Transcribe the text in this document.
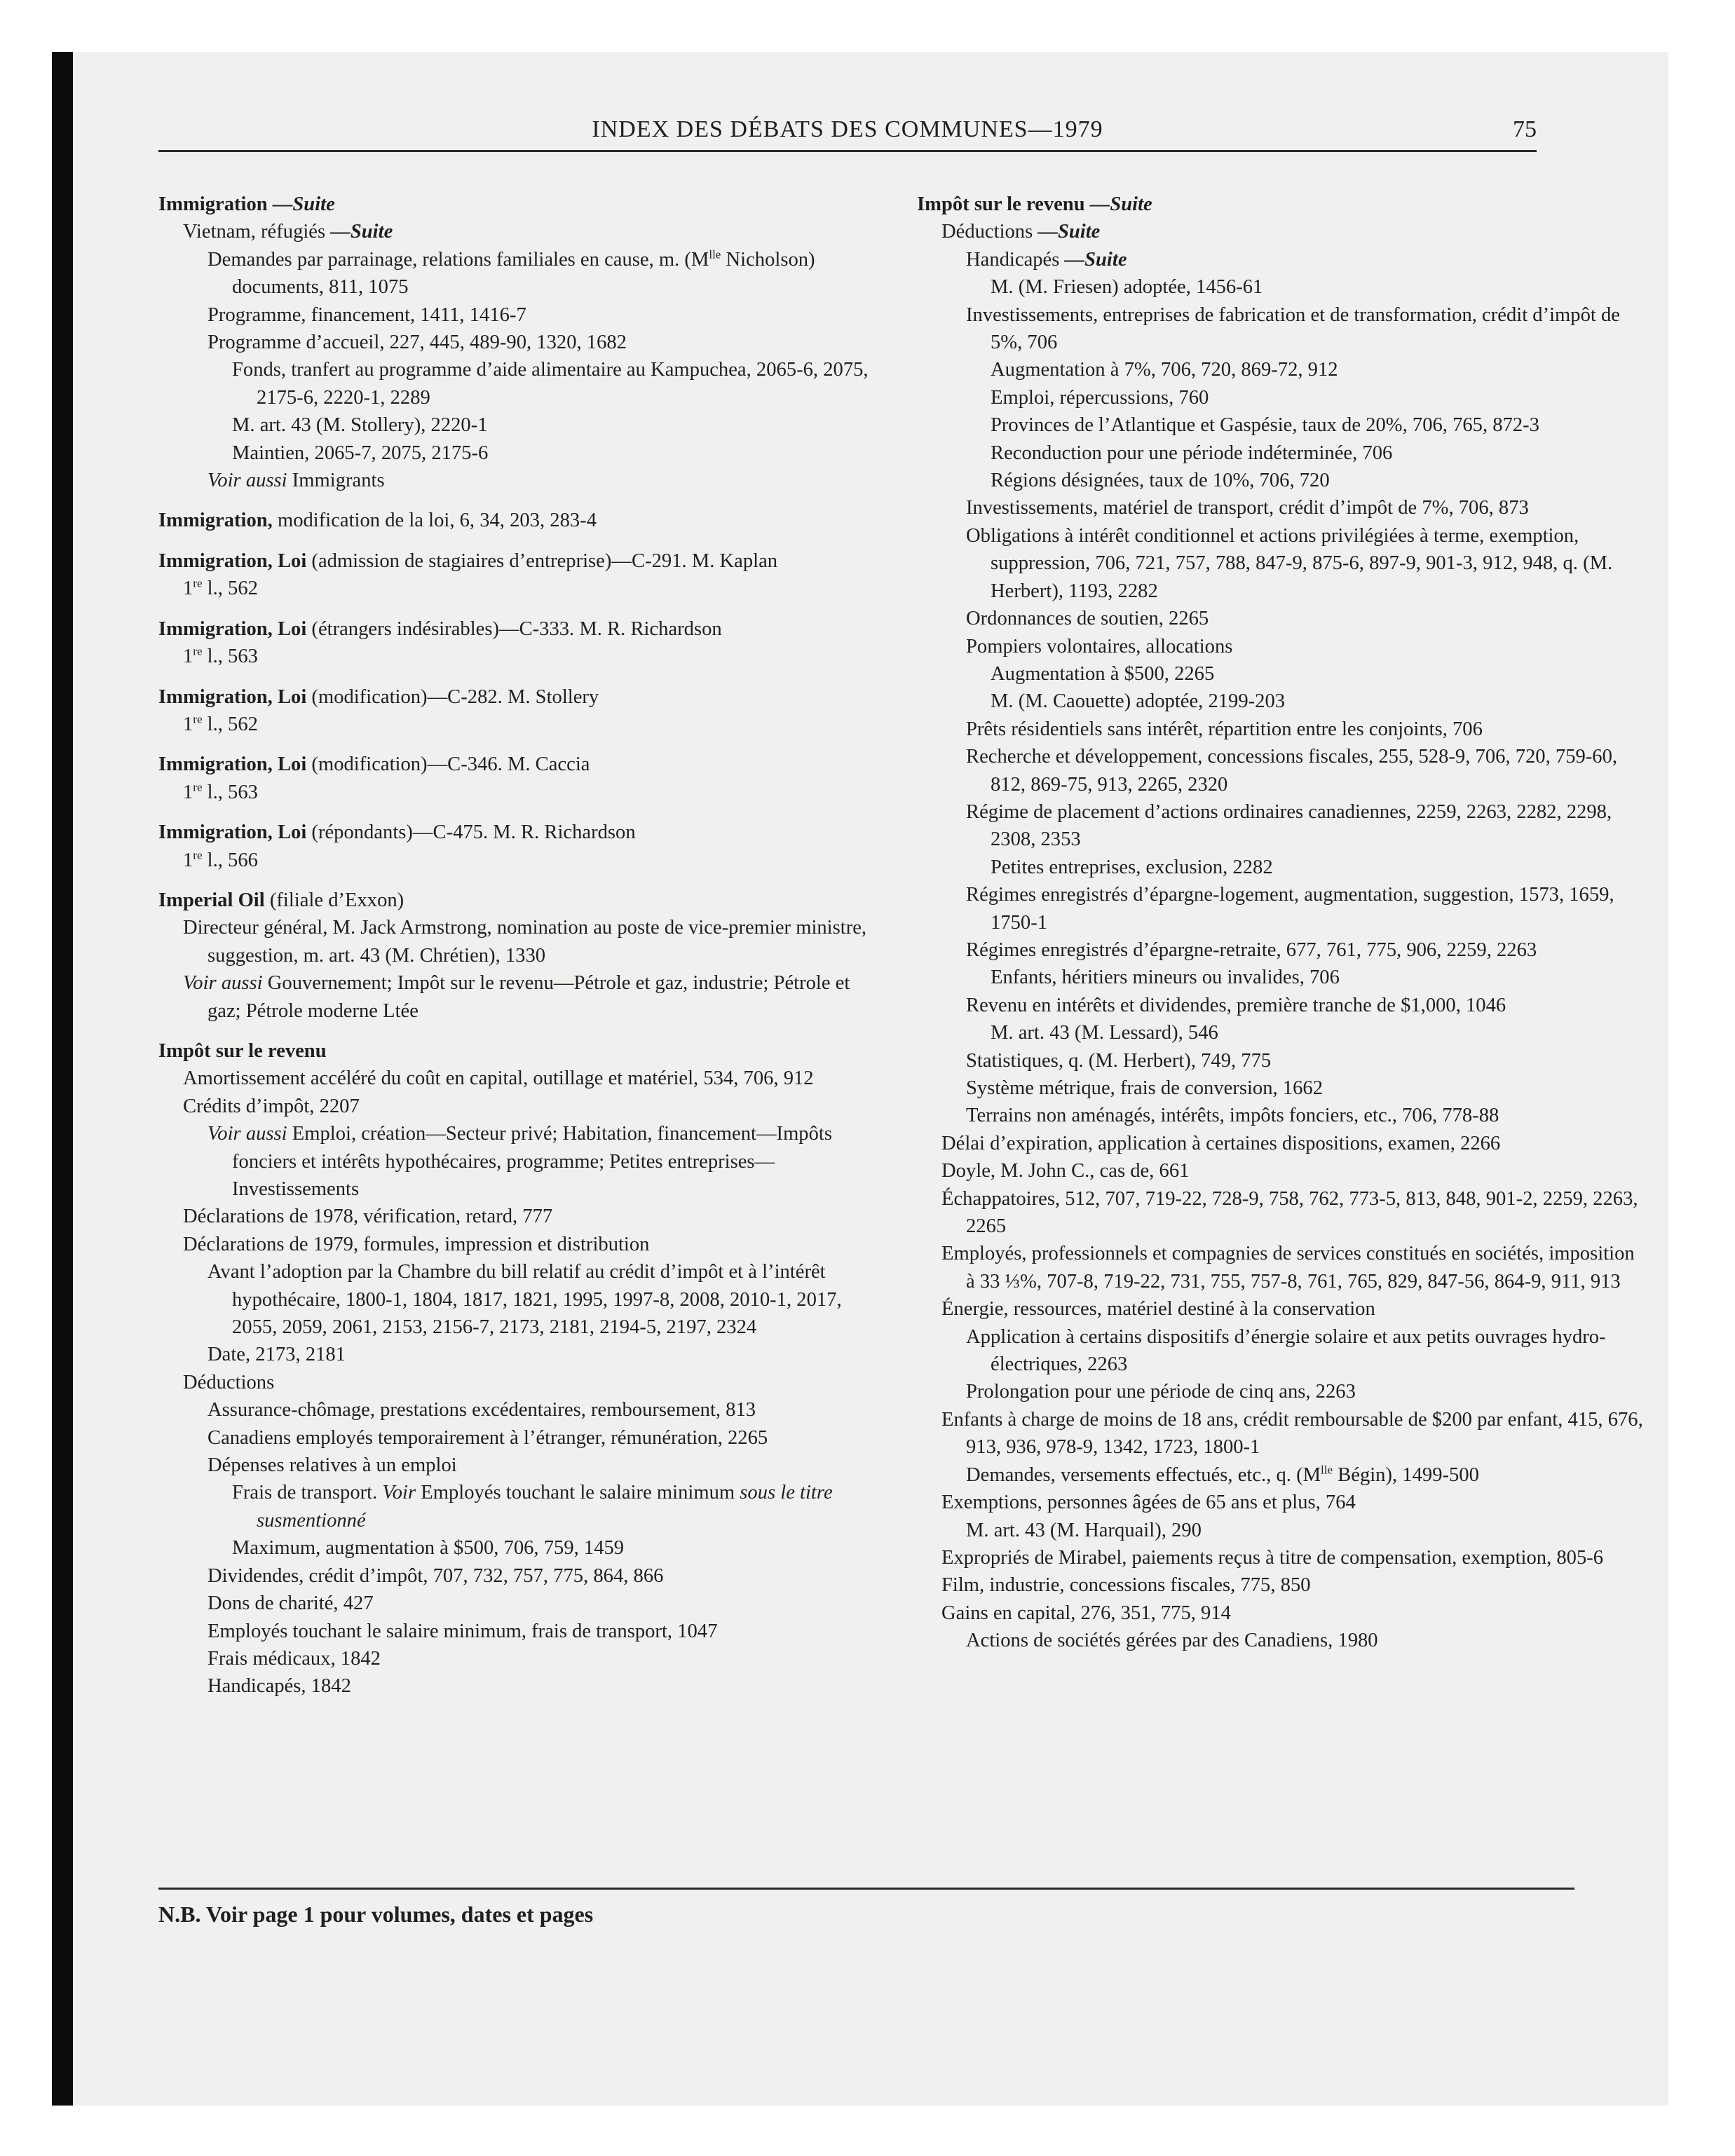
INDEX DES DÉBATS DES COMMUNES—1979	75
Immigration —Suite
Vietnam, réfugiés —Suite
Demandes par parrainage, relations familiales en cause, m. ($M^{lle}$ Nicholson) documents, 811, 1075
Programme, financement, 1411, 1416-7
Programme d’accueil, 227, 445, 489-90, 1320, 1682
Fonds, tranfert au programme d’aide alimentaire au Kampuchea, 2065-6, 2075, 2175-6, 2220-1, 2289
M. art. 43 (M. Stollery), 2220-1
Maintien, 2065-7, 2075, 2175-6
Voir aussi Immigrants
Immigration, modification de la loi, 6, 34, 203, 283-4
Immigration, Loi (admission de stagiaires d’entreprise)—C-291. M. Kaplan
1re l., 562
Immigration, Loi (étrangers indésirables)—C-333. M. R. Richardson
1re l., 563
Immigration, Loi (modification)—C-282. M. Stollery
1re l., 562
Immigration, Loi (modification)—C-346. M. Caccia
1re l., 563
Immigration, Loi (répondants)—C-475. M. R. Richardson
1re l., 566
Imperial Oil (filiale d’Exxon)
Directeur général, M. Jack Armstrong, nomination au poste de vice-premier ministre, suggestion, m. art. 43 (M. Chrétien), 1330
Voir aussi Gouvernement; Impôt sur le revenu—Pétrole et gaz, industrie; Pétrole et gaz; Pétrole moderne Ltée
Impôt sur le revenu
Amortissement accéléré du coût en capital, outillage et matériel, 534, 706, 912
Crédits d’impôt, 2207
Voir aussi Emploi, création—Secteur privé; Habitation, financement—Impôts fonciers et intérêts hypothécaires, programme; Petites entreprises—Investissements
Déclarations de 1978, vérification, retard, 777
Déclarations de 1979, formules, impression et distribution
Avant l’adoption par la Chambre du bill relatif au crédit d’impôt et à l’intérêt hypothécaire, 1800-1, 1804, 1817, 1821, 1995, 1997-8, 2008, 2010-1, 2017, 2055, 2059, 2061, 2153, 2156-7, 2173, 2181, 2194-5, 2197, 2324
Date, 2173, 2181
Déductions
Assurance-chômage, prestations excédentaires, remboursement, 813
Canadiens employés temporairement à l’étranger, rémunération, 2265
Dépenses relatives à un emploi
Frais de transport. Voir Employés touchant le salaire minimum sous le titre susmentionné
Maximum, augmentation à $500, 706, 759, 1459
Dividendes, crédit d’impôt, 707, 732, 757, 775, 864, 866
Dons de charité, 427
Employés touchant le salaire minimum, frais de transport, 1047
Frais médicaux, 1842
Handicapés, 1842
Impôt sur le revenu —Suite
Déductions —Suite
Handicapés —Suite
M. (M. Friesen) adoptée, 1456-61
Investissements, entreprises de fabrication et de transformation, crédit d’impôt de 5%, 706
Augmentation à 7%, 706, 720, 869-72, 912
Emploi, répercussions, 760
Provinces de l’Atlantique et Gaspésie, taux de 20%, 706, 765, 872-3
Reconduction pour une période indéterminée, 706
Régions désignées, taux de 10%, 706, 720
Investissements, matériel de transport, crédit d’impôt de 7%, 706, 873
Obligations à intérêt conditionnel et actions privilégiées à terme, exemption, suppression, 706, 721, 757, 788, 847-9, 875-6, 897-9, 901-3, 912, 948, q. (M. Herbert), 1193, 2282
Ordonnances de soutien, 2265
Pompiers volontaires, allocations
Augmentation à $500, 2265
M. (M. Caouette) adoptée, 2199-203
Prêts résidentiels sans intérêt, répartition entre les conjoints, 706
Recherche et développement, concessions fiscales, 255, 528-9, 706, 720, 759-60, 812, 869-75, 913, 2265, 2320
Régime de placement d’actions ordinaires canadiennes, 2259, 2263, 2282, 2298, 2308, 2353
Petites entreprises, exclusion, 2282
Régimes enregistrés d’épargne-logement, augmentation, suggestion, 1573, 1659, 1750-1
Régimes enregistrés d’épargne-retraite, 677, 761, 775, 906, 2259, 2263
Enfants, héritiers mineurs ou invalides, 706
Revenu en intérêts et dividendes, première tranche de $1,000, 1046
M. art. 43 (M. Lessard), 546
Statistiques, q. (M. Herbert), 749, 775
Système métrique, frais de conversion, 1662
Terrains non aménagés, intérêts, impôts fonciers, etc., 706, 778-88
Délai d’expiration, application à certaines dispositions, examen, 2266
Doyle, M. John C., cas de, 661
Échappatoires, 512, 707, 719-22, 728-9, 758, 762, 773-5, 813, 848, 901-2, 2259, 2263, 2265
Employés, professionnels et compagnies de services constitués en sociétés, imposition à 33 ⅓%, 707-8, 719-22, 731, 755, 757-8, 761, 765, 829, 847-56, 864-9, 911, 913
Énergie, ressources, matériel destiné à la conservation
Application à certains dispositifs d’énergie solaire et aux petits ouvrages hydro-électriques, 2263
Prolongation pour une période de cinq ans, 2263
Enfants à charge de moins de 18 ans, crédit remboursable de $200 par enfant, 415, 676, 913, 936, 978-9, 1342, 1723, 1800-1
Demandes, versements effectués, etc., q. ($M^{lle}$ Bégin), 1499-500
Exemptions, personnes âgées de 65 ans et plus, 764
M. art. 43 (M. Harquail), 290
Expropriés de Mirabel, paiements reçus à titre de compensation, exemption, 805-6
Film, industrie, concessions fiscales, 775, 850
Gains en capital, 276, 351, 775, 914
Actions de sociétés gérées par des Canadiens, 1980
N.B. Voir page 1 pour volumes, dates et pages
